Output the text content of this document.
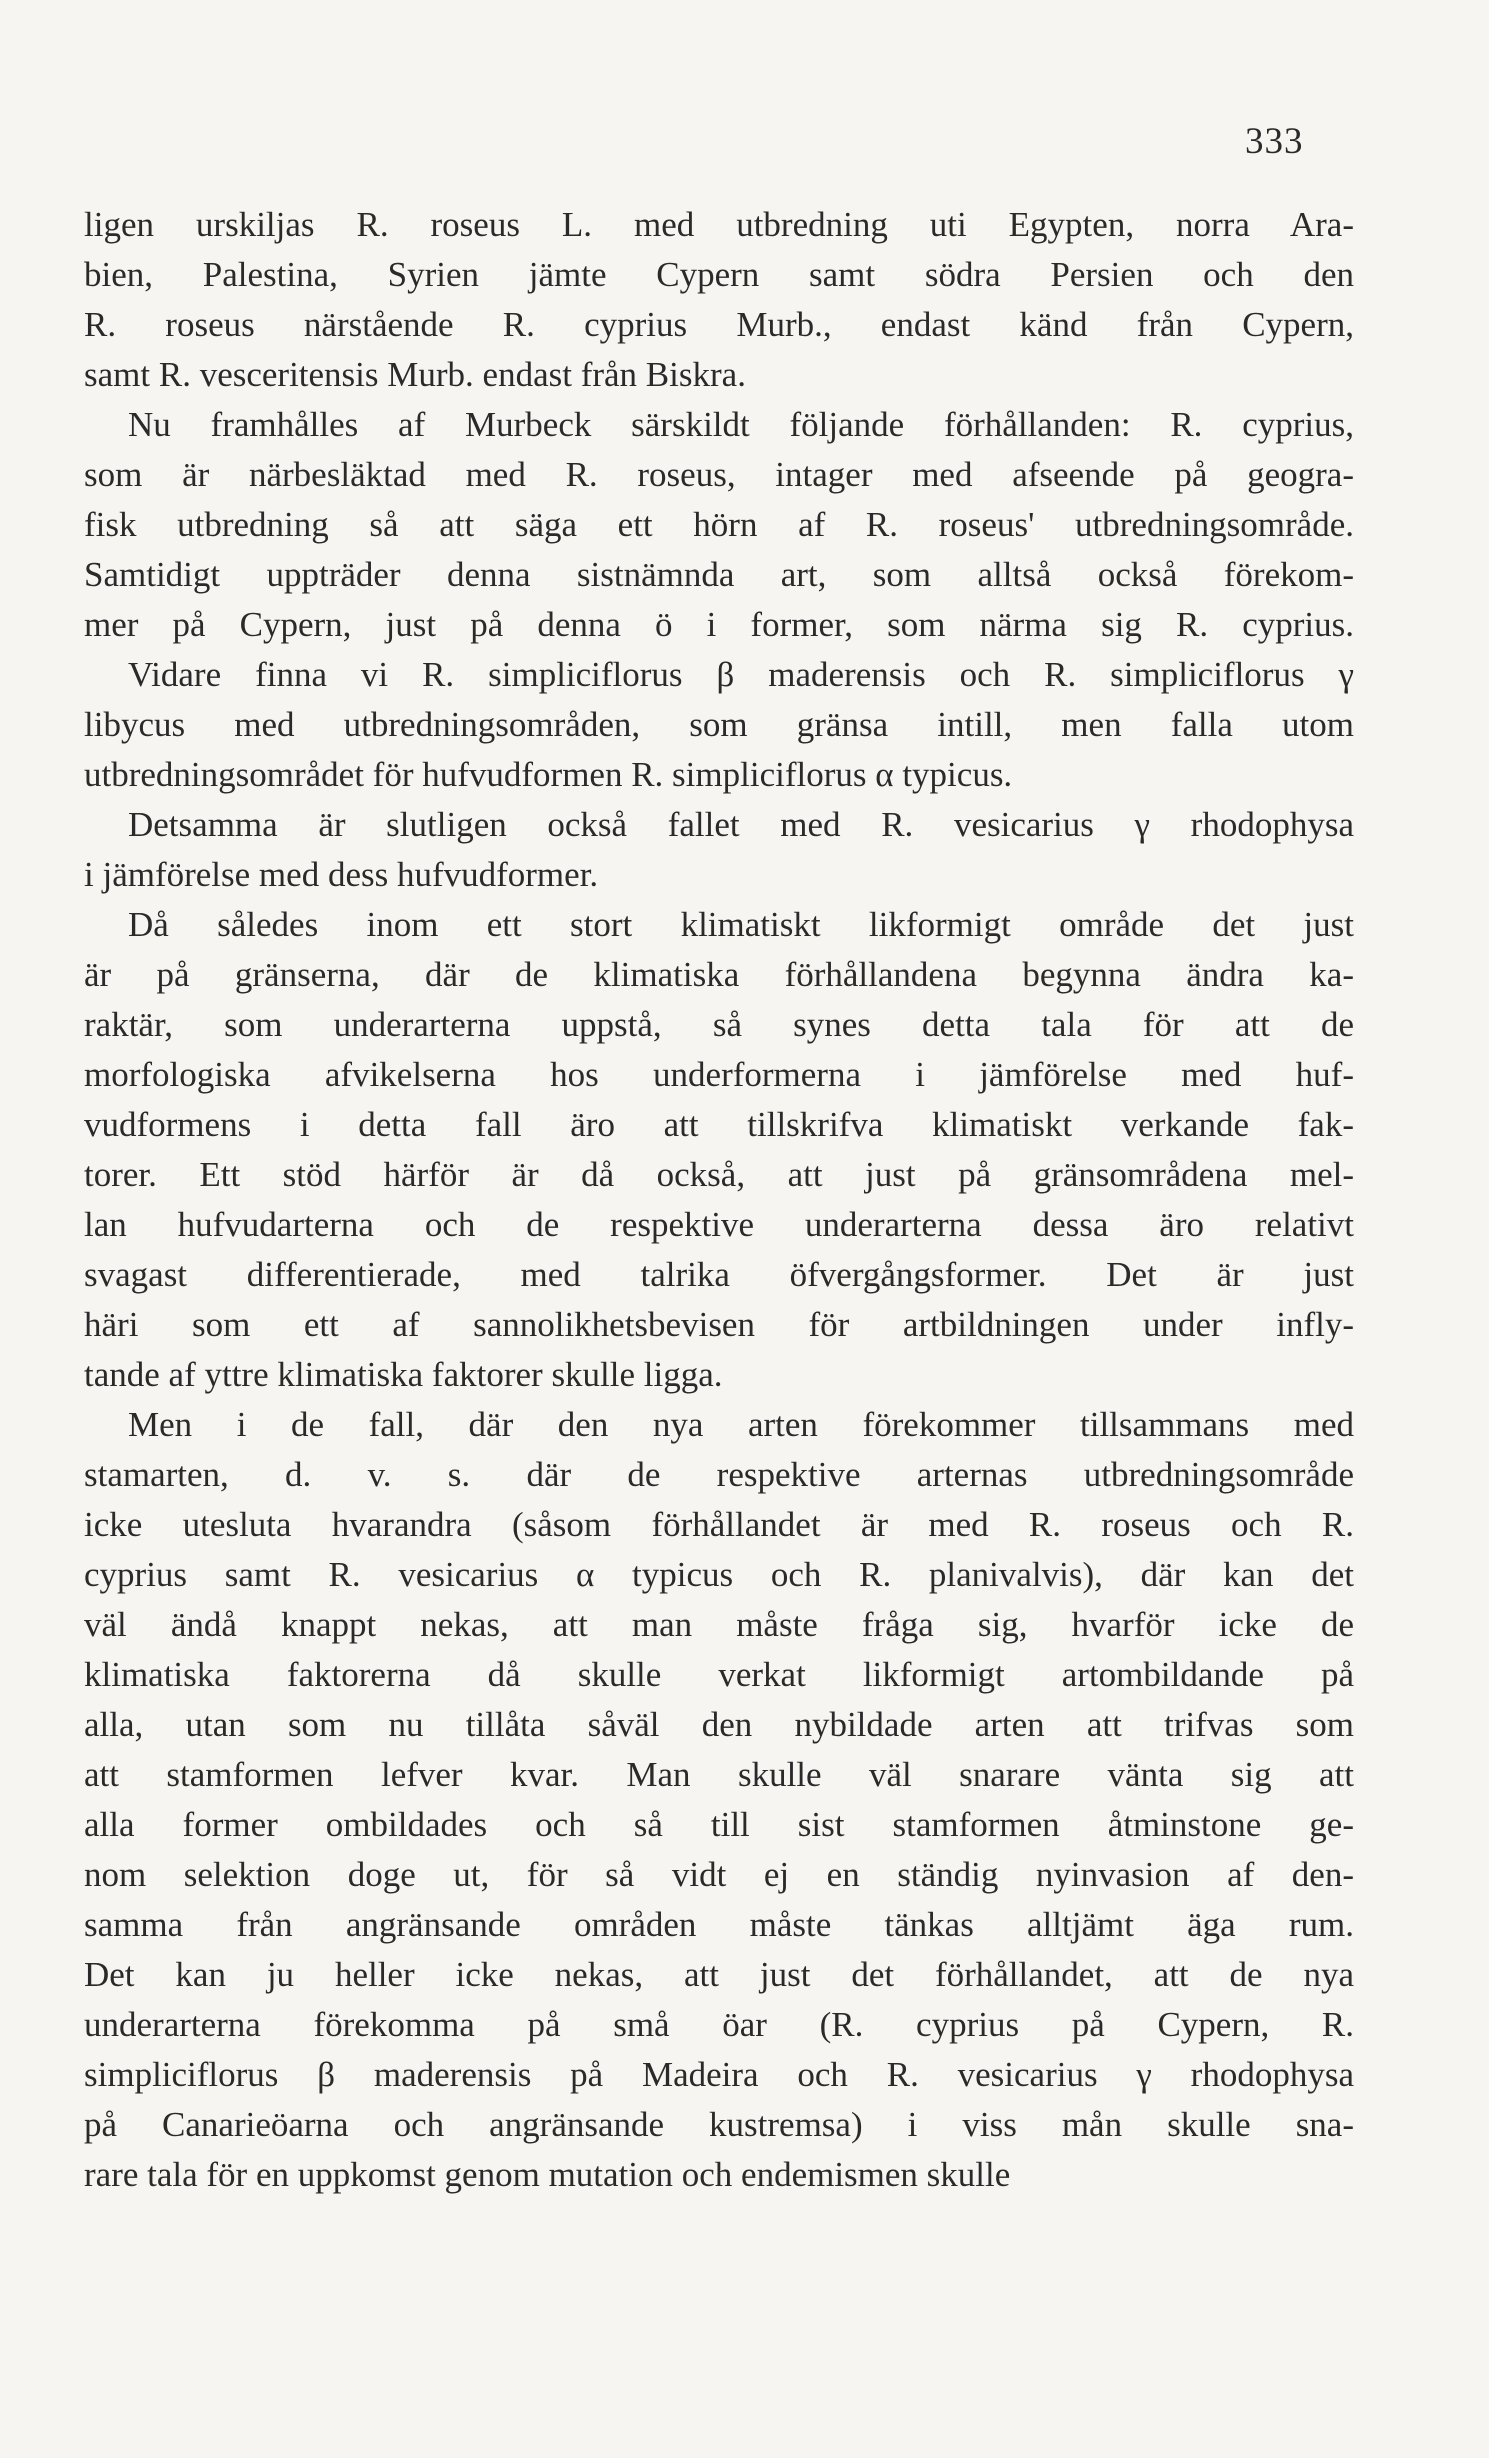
333
ligen urskiljas R. roseus L. med utbredning uti Egypten, norra Ara-
bien, Palestina, Syrien jämte Cypern samt södra Persien och den
R. roseus närstående R. cyprius Murb., endast känd från Cypern,
samt R. vesceritensis Murb. endast från Biskra.
Nu framhålles af Murbeck särskildt följande förhållanden: R. cyprius,
som är närbesläktad med R. roseus, intager med afseende på geogra-
fisk utbredning så att säga ett hörn af R. roseus' utbredningsområde.
Samtidigt uppträder denna sistnämnda art, som alltså också förekom-
mer på Cypern, just på denna ö i former, som närma sig R. cyprius.
Vidare finna vi R. simpliciflorus β maderensis och R. simpliciflorus γ
libycus med utbredningsområden, som gränsa intill, men falla utom
utbredningsområdet för hufvudformen R. simpliciflorus α typicus.
Detsamma är slutligen också fallet med R. vesicarius γ rhodophysa
i jämförelse med dess hufvudformer.
Då således inom ett stort klimatiskt likformigt område det just
är på gränserna, där de klimatiska förhållandena begynna ändra ka-
raktär, som underarterna uppstå, så synes detta tala för att de
morfologiska afvikelserna hos underformerna i jämförelse med huf-
vudformens i detta fall äro att tillskrifva klimatiskt verkande fak-
torer. Ett stöd härför är då också, att just på gränsområdena mel-
lan hufvudarterna och de respektive underarterna dessa äro relativt
svagast differentierade, med talrika öfvergångsformer. Det är just
häri som ett af sannolikhetsbevisen för artbildningen under infly-
tande af yttre klimatiska faktorer skulle ligga.
Men i de fall, där den nya arten förekommer tillsammans med
stamarten, d. v. s. där de respektive arternas utbredningsområde
icke utesluta hvarandra (såsom förhållandet är med R. roseus och R.
cyprius samt R. vesicarius α typicus och R. planivalvis), där kan det
väl ändå knappt nekas, att man måste fråga sig, hvarför icke de
klimatiska faktorerna då skulle verkat likformigt artombildande på
alla, utan som nu tillåta såväl den nybildade arten att trifvas som
att stamformen lefver kvar. Man skulle väl snarare vänta sig att
alla former ombildades och så till sist stamformen åtminstone ge-
nom selektion doge ut, för så vidt ej en ständig nyinvasion af den-
samma från angränsande områden måste tänkas alltjämt äga rum.
Det kan ju heller icke nekas, att just det förhållandet, att de nya
underarterna förekomma på små öar (R. cyprius på Cypern, R.
simpliciflorus β maderensis på Madeira och R. vesicarius γ rhodophysa
på Canarieöarna och angränsande kustremsa) i viss mån skulle sna-
rare tala för en uppkomst genom mutation och endemismen skulle
